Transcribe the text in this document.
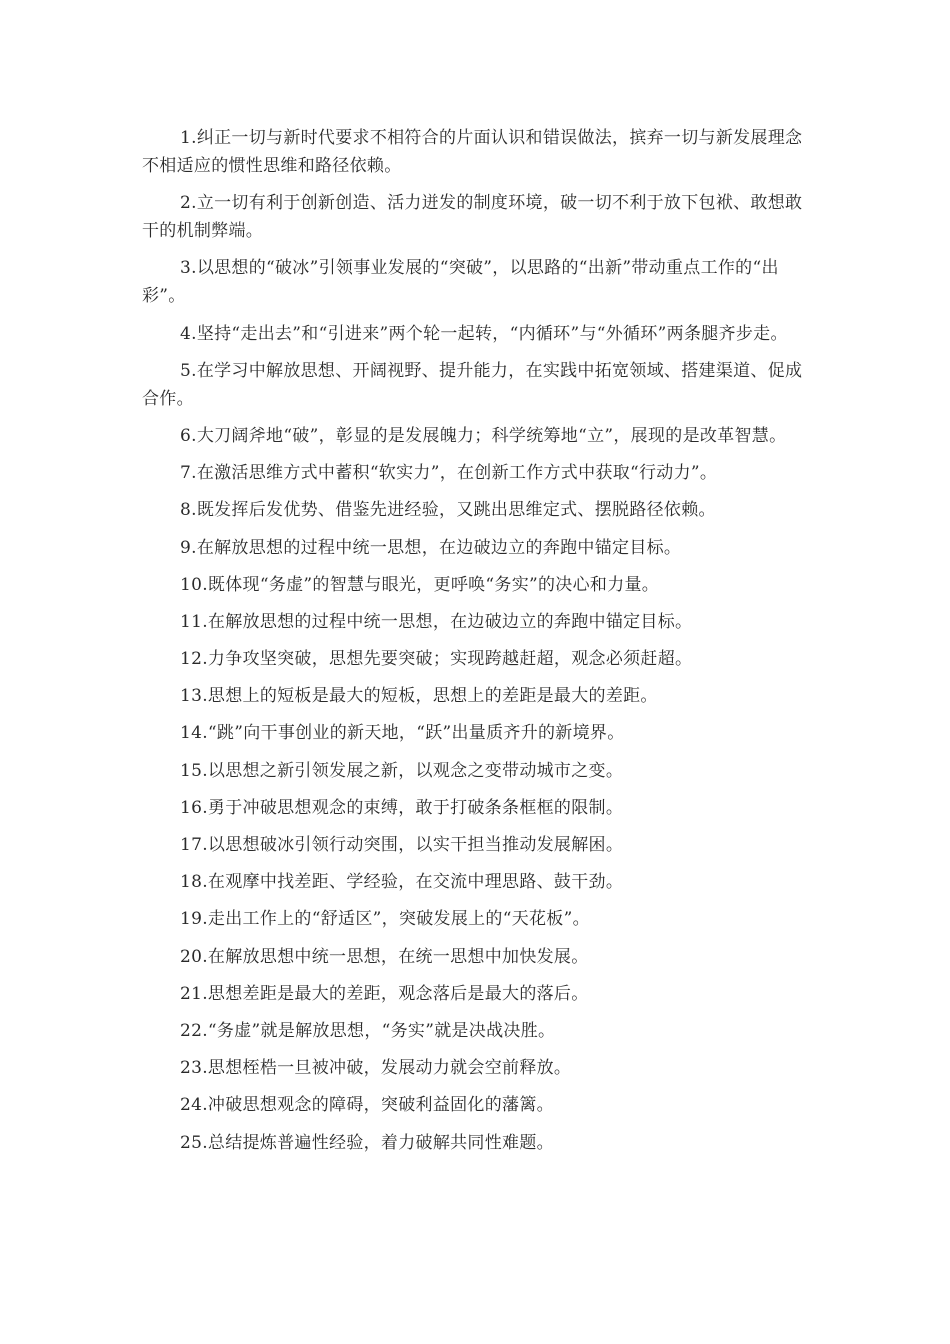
1.纠正一切与新时代要求不相符合的片面认识和错误做法，摈弃一切与新发展理念不相适应的惯性思维和路径依赖。

2.立一切有利于创新创造、活力迸发的制度环境，破一切不利于放下包袱、敢想敢干的机制弊端。

3.以思想的“破冰”引领事业发展的“突破”，以思路的“出新”带动重点工作的“出彩”。

4.坚持“走出去”和“引进来”两个轮一起转，“内循环”与“外循环”两条腿齐步走。

5.在学习中解放思想、开阔视野、提升能力，在实践中拓宽领域、搭建渠道、促成合作。

6.大刀阔斧地“破”，彰显的是发展魄力；科学统筹地“立”，展现的是改革智慧。

7.在激活思维方式中蓄积“软实力”，在创新工作方式中获取“行动力”。

8.既发挥后发优势、借鉴先进经验，又跳出思维定式、摆脱路径依赖。

9.在解放思想的过程中统一思想，在边破边立的奔跑中锚定目标。

10.既体现“务虚”的智慧与眼光，更呼唤“务实”的决心和力量。

11.在解放思想的过程中统一思想，在边破边立的奔跑中锚定目标。

12.力争攻坚突破，思想先要突破；实现跨越赶超，观念必须赶超。

13.思想上的短板是最大的短板，思想上的差距是最大的差距。

14.“跳”向干事创业的新天地，“跃”出量质齐升的新境界。

15.以思想之新引领发展之新，以观念之变带动城市之变。

16.勇于冲破思想观念的束缚，敢于打破条条框框的限制。

17.以思想破冰引领行动突围，以实干担当推动发展解困。

18.在观摩中找差距、学经验，在交流中理思路、鼓干劲。

19.走出工作上的“舒适区”，突破发展上的“天花板”。

20.在解放思想中统一思想，在统一思想中加快发展。

21.思想差距是最大的差距，观念落后是最大的落后。

22.“务虚”就是解放思想，“务实”就是决战决胜。

23.思想桎梏一旦被冲破，发展动力就会空前释放。

24.冲破思想观念的障碍，突破利益固化的藩篱。

25.总结提炼普遍性经验，着力破解共同性难题。
